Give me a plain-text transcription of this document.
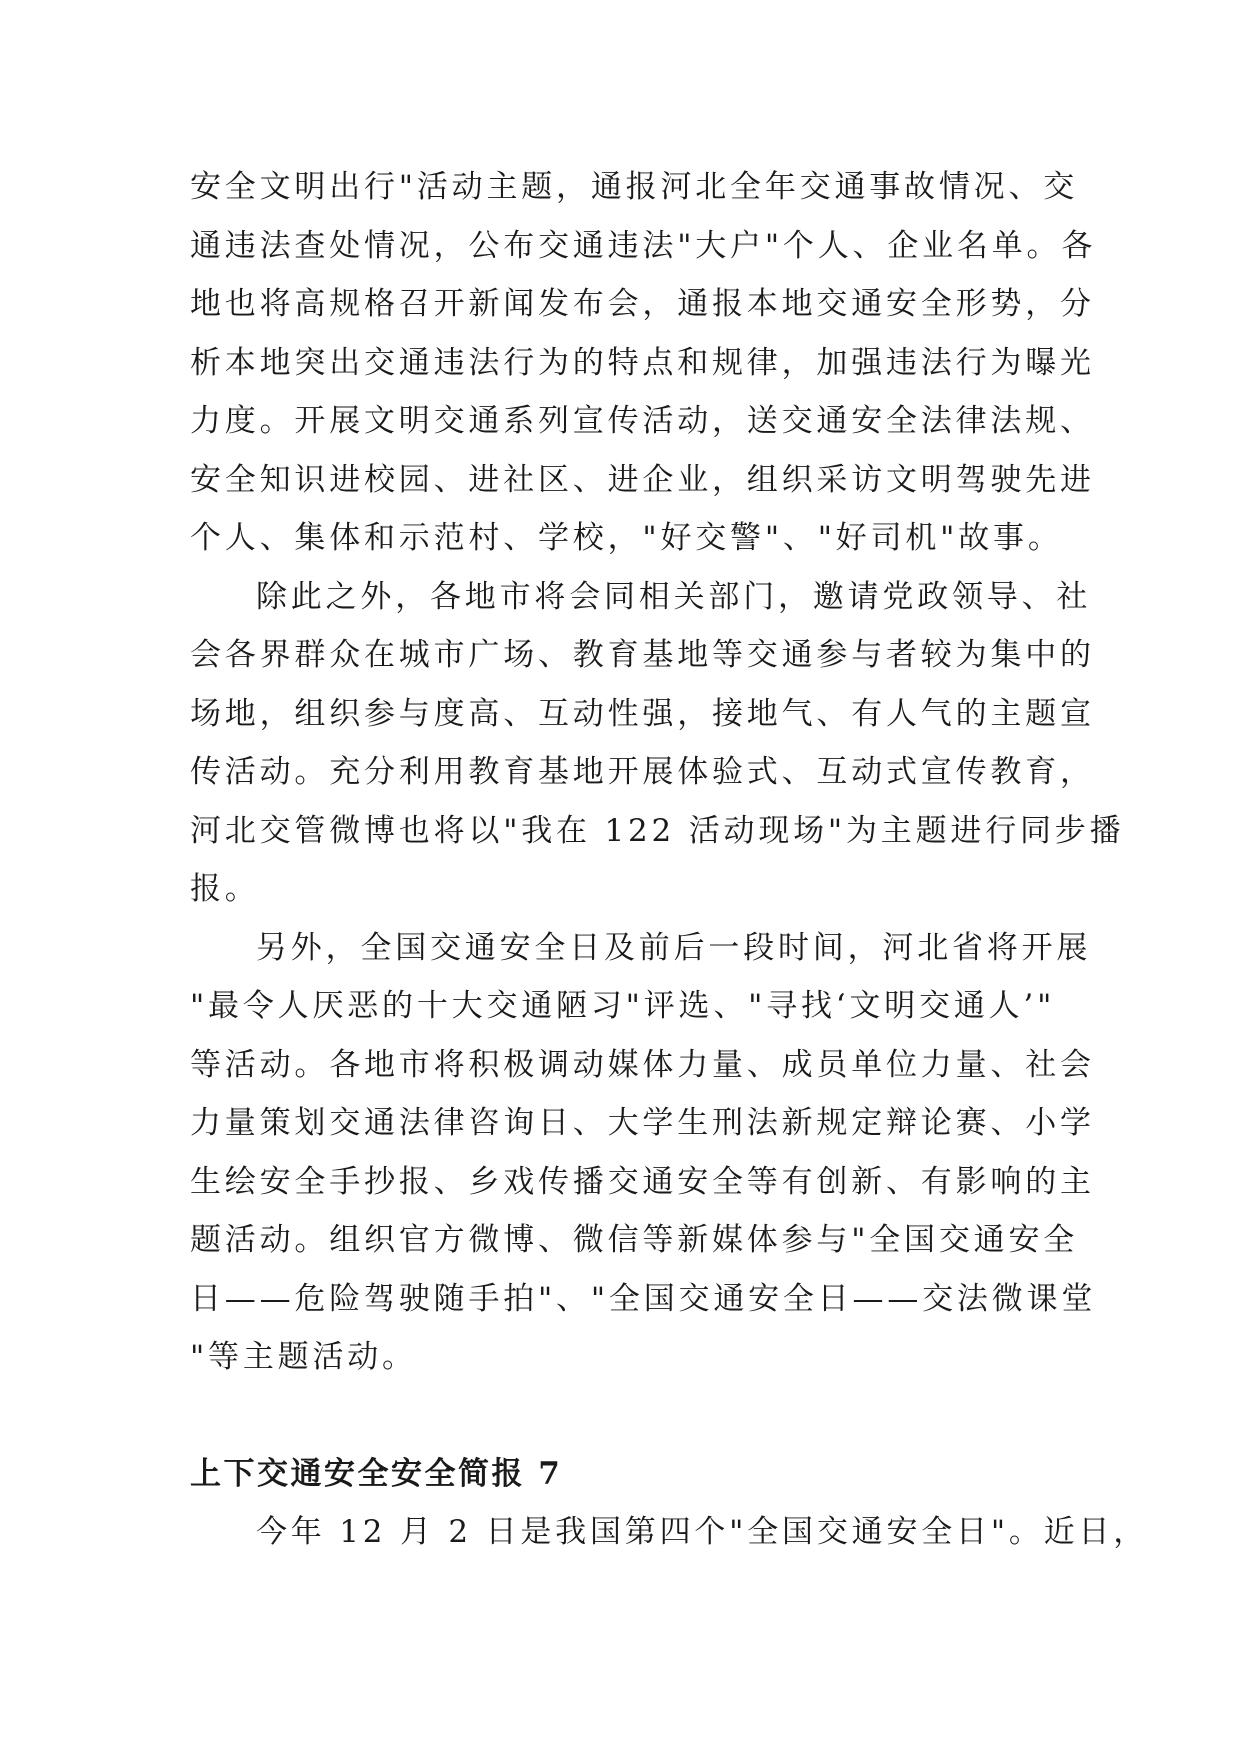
安全文明出行"活动主题，通报河北全年交通事故情况、交

通违法查处情况，公布交通违法"大户"个人、企业名单。各

地也将高规格召开新闻发布会，通报本地交通安全形势，分

析本地突出交通违法行为的特点和规律，加强违法行为曝光

力度。开展文明交通系列宣传活动，送交通安全法律法规、

安全知识进校园、进社区、进企业，组织采访文明驾驶先进

个人、集体和示范村、学校，"好交警"、"好司机"故事。

除此之外，各地市将会同相关部门，邀请党政领导、社

会各界群众在城市广场、教育基地等交通参与者较为集中的

场地，组织参与度高、互动性强，接地气、有人气的主题宣

传活动。充分利用教育基地开展体验式、互动式宣传教育，

河北交管微博也将以"我在 122 活动现场"为主题进行同步播

报。

另外，全国交通安全日及前后一段时间，河北省将开展

"最令人厌恶的十大交通陋习"评选、"寻找‘文明交通人’"

等活动。各地市将积极调动媒体力量、成员单位力量、社会

力量策划交通法律咨询日、大学生刑法新规定辩论赛、小学

生绘安全手抄报、乡戏传播交通安全等有创新、有影响的主

题活动。组织官方微博、微信等新媒体参与"全国交通安全

日——危险驾驶随手拍"、"全国交通安全日——交法微课堂

"等主题活动。

上下交通安全安全简报 7

今年 12 月 2 日是我国第四个"全国交通安全日"。近日，
